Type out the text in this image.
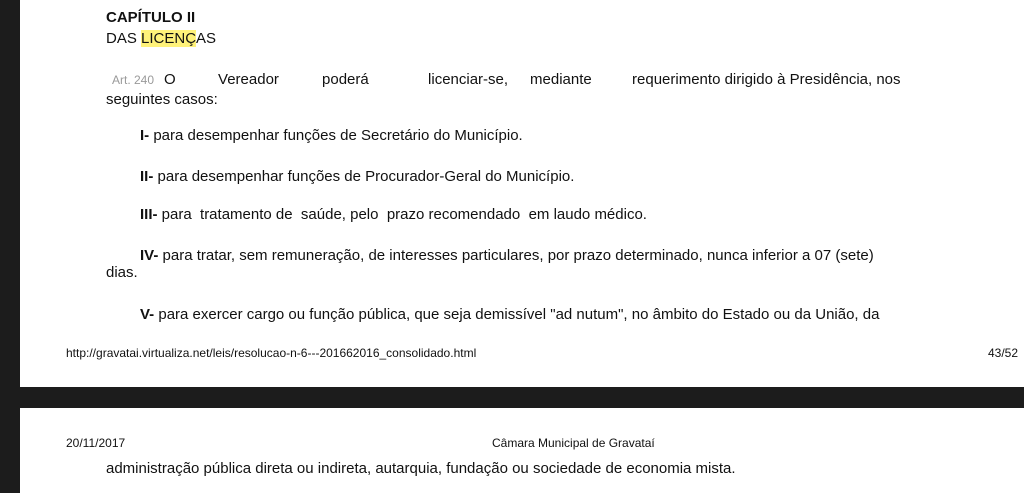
CAPÍTULO II
DAS LICENÇAS
Art. 240 O	Vereador	poderá	licenciar-se, mediante	requerimento dirigido à Presidência, nos
seguintes casos:
I- para desempenhar funções de Secretário do Município.
II- para desempenhar funções de Procurador-Geral do Município.
III- para  tratamento de  saúde, pelo  prazo recomendado  em laudo médico.
IV- para tratar, sem remuneração, de interesses particulares, por prazo determinado, nunca inferior a 07 (sete)
dias.
V- para exercer cargo ou função pública, que seja demissível "ad nutum", no âmbito do Estado ou da União, da
http://gravatai.virtualiza.net/leis/resolucao-n-6---201662016_consolidado.html	43/52
20/11/2017	Câmara Municipal de Gravataí
administração pública direta ou indireta, autarquia, fundação ou sociedade de economia mista.
